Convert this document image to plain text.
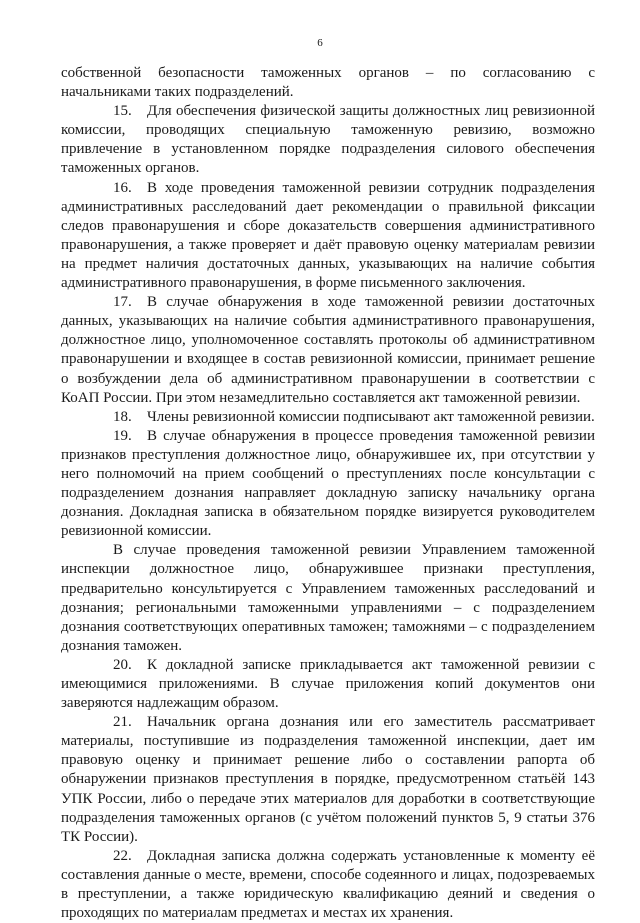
6

собственной безопасности таможенных органов – по согласованию с начальниками таких подразделений.

15. Для обеспечения физической защиты должностных лиц ревизионной комиссии, проводящих специальную таможенную ревизию, возможно привлечение в установленном порядке подразделения силового обеспечения таможенных органов.

16. В ходе проведения таможенной ревизии сотрудник подразделения административных расследований дает рекомендации о правильной фиксации следов правонарушения и сборе доказательств совершения административного правонарушения, а также проверяет и даёт правовую оценку материалам ревизии на предмет наличия достаточных данных, указывающих на наличие события административного правонарушения, в форме письменного заключения.

17. В случае обнаружения в ходе таможенной ревизии достаточных данных, указывающих на наличие события административного правонарушения, должностное лицо, уполномоченное составлять протоколы об административном правонарушении и входящее в состав ревизионной комиссии, принимает решение о возбуждении дела об административном правонарушении в соответствии с КоАП России. При этом незамедлительно составляется акт таможенной ревизии.

18. Члены ревизионной комиссии подписывают акт таможенной ревизии.

19. В случае обнаружения в процессе проведения таможенной ревизии признаков преступления должностное лицо, обнаружившее их, при отсутствии у него полномочий на прием сообщений о преступлениях после консультации с подразделением дознания направляет докладную записку начальнику органа дознания. Докладная записка в обязательном порядке визируется руководителем ревизионной комиссии.

В случае проведения таможенной ревизии Управлением таможенной инспекции должностное лицо, обнаружившее признаки преступления, предварительно консультируется с Управлением таможенных расследований и дознания; региональными таможенными управлениями – с подразделением дознания соответствующих оперативных таможен; таможнями – с подразделением дознания таможен.

20. К докладной записке прикладывается акт таможенной ревизии с имеющимися приложениями. В случае приложения копий документов они заверяются надлежащим образом.

21. Начальник органа дознания или его заместитель рассматривает материалы, поступившие из подразделения таможенной инспекции, дает им правовую оценку и принимает решение либо о составлении рапорта об обнаружении признаков преступления в порядке, предусмотренном статьёй 143 УПК России, либо о передаче этих материалов для доработки в соответствующие подразделения таможенных органов (с учётом положений пунктов 5, 9 статьи 376 ТК России).

22. Докладная записка должна содержать установленные к моменту её составления данные о месте, времени, способе содеянного и лицах, подозреваемых в преступлении, а также юридическую квалификацию деяний и сведения о проходящих по материалам предметах и местах их хранения.
